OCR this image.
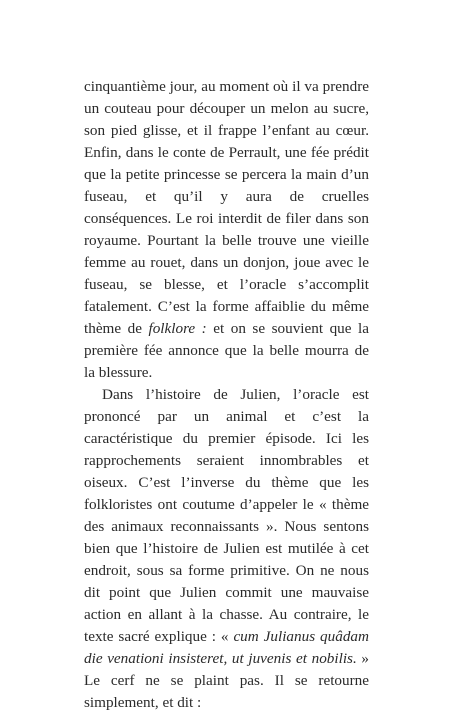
cinquantième jour, au moment où il va prendre un couteau pour découper un melon au sucre, son pied glisse, et il frappe l’enfant au cœur. Enfin, dans le conte de Perrault, une fée prédit que la petite princesse se percera la main d’un fuseau, et qu’il y aura de cruelles conséquences. Le roi interdit de filer dans son royaume. Pourtant la belle trouve une vieille femme au rouet, dans un donjon, joue avec le fuseau, se blesse, et l’oracle s’accomplit fatalement. C’est la forme affaiblie du même thème de folklore : et on se souvient que la première fée annonce que la belle mourra de la blessure.

Dans l’histoire de Julien, l’oracle est prononcé par un animal et c’est la caractéristique du premier épisode. Ici les rapprochements seraient innombrables et oiseux. C’est l’inverse du thème que les folkloristes ont coutume d’appeler le « thème des animaux reconnaissants ». Nous sentons bien que l’histoire de Julien est mutilée à cet endroit, sous sa forme primitive. On ne nous dit point que Julien commit une mauvaise action en allant à la chasse. Au contraire, le texte sacré explique : « cum Julianus quâdam die venationi insisteret, ut juvenis et nobilis. » Le cerf ne se plaint pas. Il se retourne simplement, et dit :
